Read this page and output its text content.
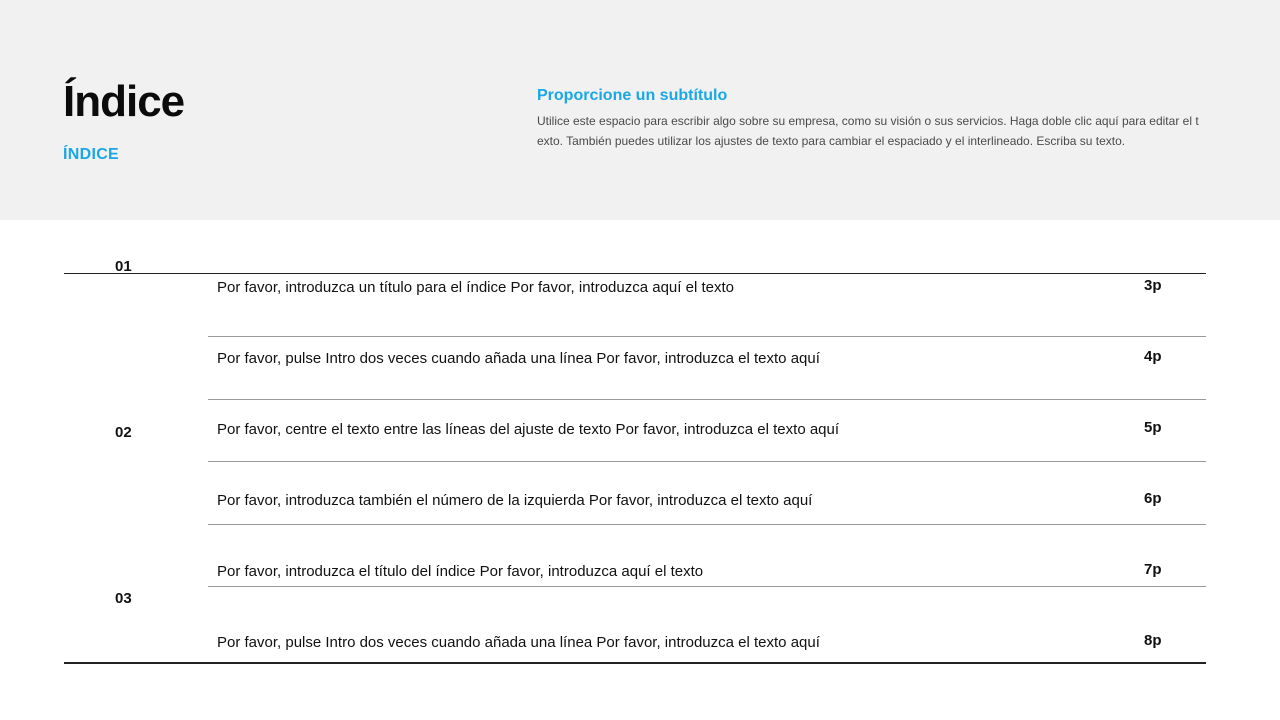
Índice
ÍNDICE
Proporcione un subtítulo
Utilice este espacio para escribir algo sobre su empresa, como su visión o sus servicios. Haga doble clic aquí para editar el texto. También puedes utilizar los ajustes de texto para cambiar el espaciado y el interlineado. Escriba su texto.
01
02
03
Por favor, introduzca un título para el índice Por favor, introduzca aquí el texto	3p
Por favor, pulse Intro dos veces cuando añada una línea Por favor, introduzca el texto aquí	4p
Por favor, centre el texto entre las líneas del ajuste de texto Por favor, introduzca el texto aquí	5p
Por favor, introduzca también el número de la izquierda Por favor, introduzca el texto aquí	6p
Por favor, introduzca el título del índice Por favor, introduzca aquí el texto	7p
Por favor, pulse Intro dos veces cuando añada una línea Por favor, introduzca el texto aquí	8p
